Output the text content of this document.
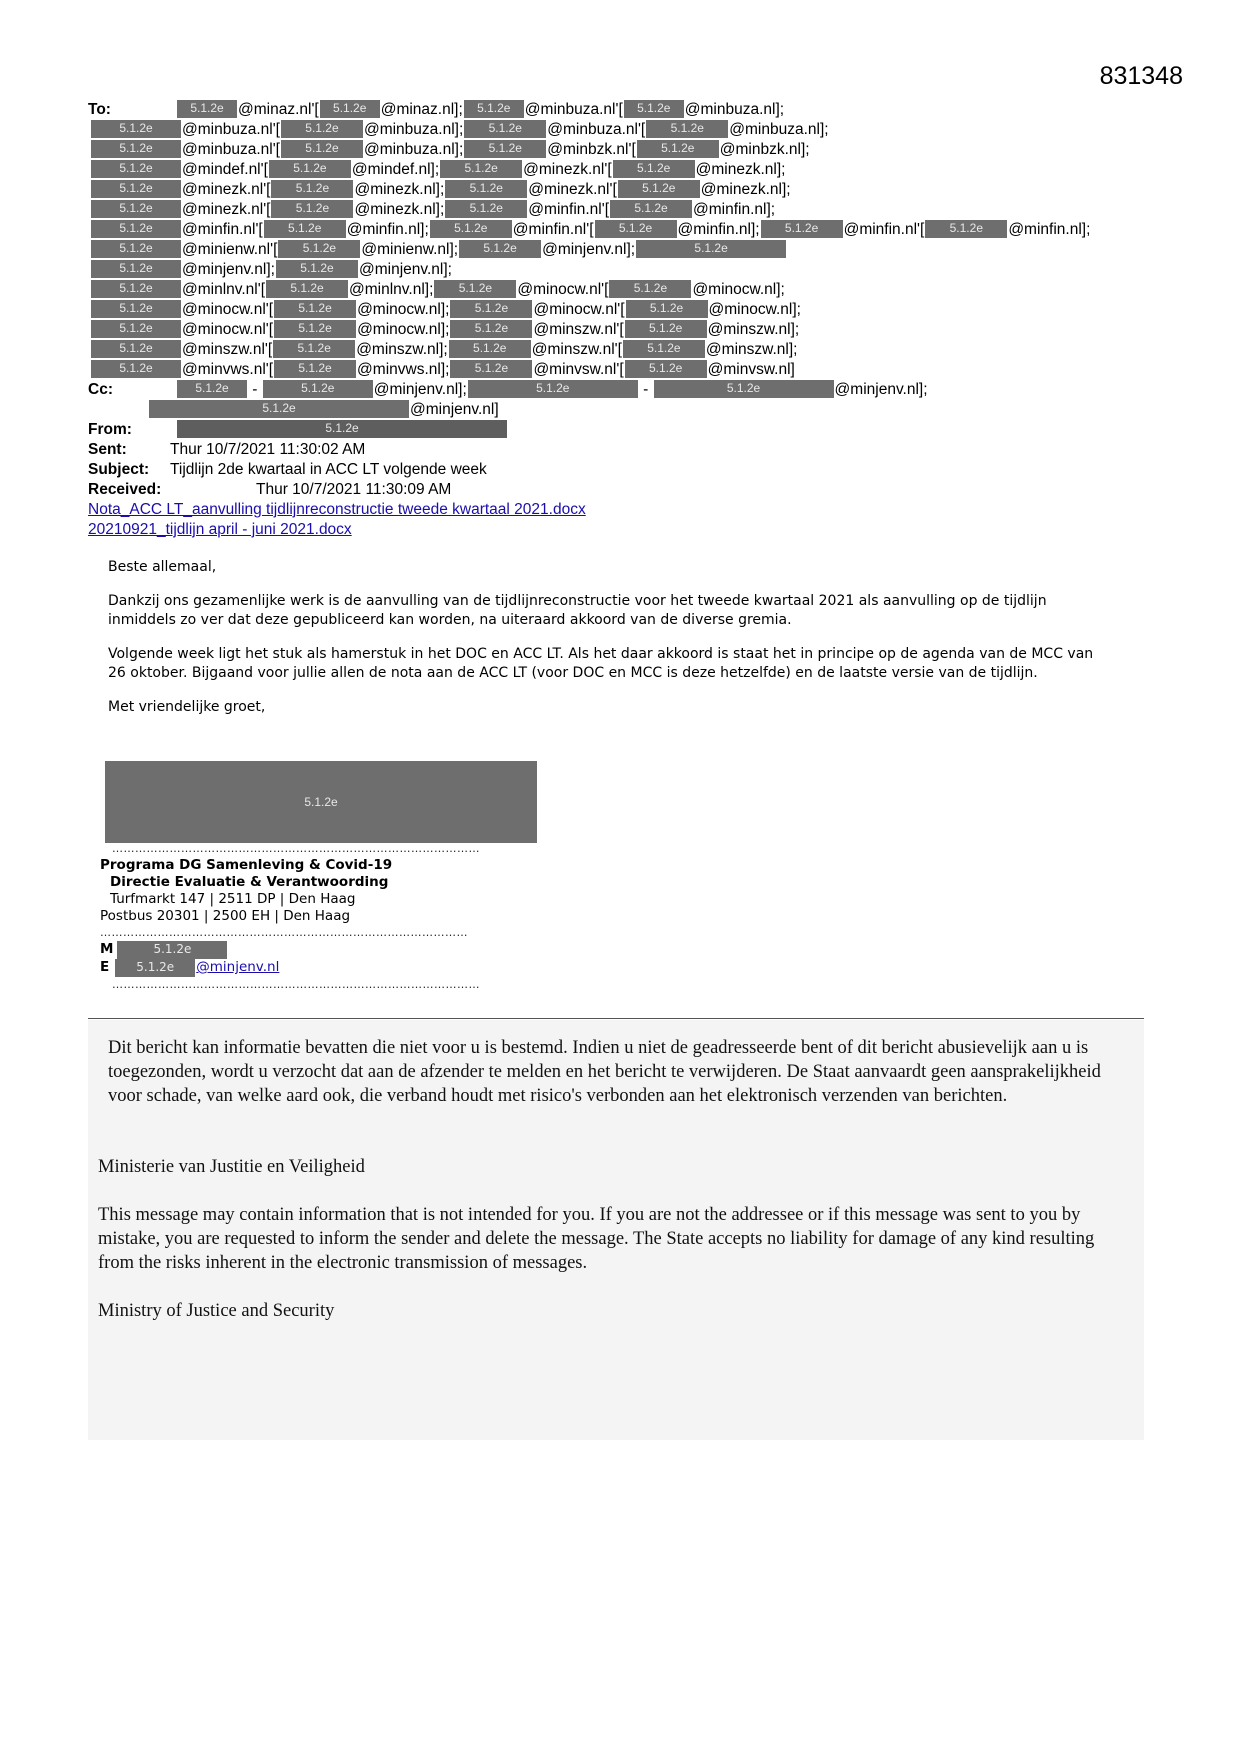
831348
To:	5.1.2e @minaz.nl'[ 5.1.2e @minaz.nl]; 5.1.2e @minbuza.nl'[ 5.1.2e @minbuza.nl];
5.1.2e @minbuza.nl'[ 5.1.2e @minbuza.nl]; 5.1.2e @minbuza.nl'[ 5.1.2e @minbuza.nl];
5.1.2e @minbuza.nl'[ 5.1.2e @minbuza.nl]; 5.1.2e @minbzk.nl'[ 5.1.2e @minbzk.nl];
5.1.2e @mindef.nl'[ 5.1.2e @mindef.nl]; 5.1.2e @minezk.nl'[ 5.1.2e @minezk.nl];
5.1.2e @minezk.nl'[ 5.1.2e @minezk.nl]; 5.1.2e @minezk.nl'[ 5.1.2e @minezk.nl];
5.1.2e @minezk.nl'[ 5.1.2e @minezk.nl]; 5.1.2e @minfin.nl'[ 5.1.2e @minfin.nl];
5.1.2e @minfin.nl'[ 5.1.2e @minfin.nl]; 5.1.2e @minfin.nl'[ 5.1.2e @minfin.nl]; 5.1.2e @minfin.nl'[ 5.1.2e @minfin.nl];
5.1.2e @minienw.nl'[ 5.1.2e @minienw.nl]; 5.1.2e @minjenv.nl];	5.1.2e
5.1.2e @minjenv.nl]; 5.1.2e @minjenv.nl];
5.1.2e @minlnv.nl'[ 5.1.2e @minlnv.nl]; 5.1.2e @minocw.nl'[ 5.1.2e @minocw.nl];
5.1.2e @minocw.nl'[ 5.1.2e @minocw.nl]; 5.1.2e @minocw.nl'[ 5.1.2e @minocw.nl];
5.1.2e @minocw.nl'[ 5.1.2e @minocw.nl]; 5.1.2e @minszw.nl'[ 5.1.2e @minszw.nl];
5.1.2e @minszw.nl'[ 5.1.2e @minszw.nl]; 5.1.2e @minszw.nl'[ 5.1.2e @minszw.nl];
5.1.2e @minvws.nl'[ 5.1.2e @minvws.nl]; 5.1.2e @minvsw.nl'[ 5.1.2e @minvsw.nl]
Cc:	5.1.2e -	5.1.2e	@minjenv.nl];	5.1.2e	-	5.1.2e	@minjenv.nl];
5.1.2e	@minjenv.nl]
From:	5.1.2e
Sent:	Thur 10/7/2021 11:30:02 AM
Subject: Tijdlijn 2de kwartaal in ACC LT volgende week
Received:	Thur 10/7/2021 11:30:09 AM
Nota_ACC LT_aanvulling tijdlijnreconstructie tweede kwartaal 2021.docx
20210921_tijdlijn april - juni 2021.docx

Beste allemaal,

Dankzij ons gezamenlijke werk is de aanvulling van de tijdlijnreconstructie voor het tweede kwartaal 2021 als aanvulling op de tijdlijn inmiddels zo ver dat deze gepubliceerd kan worden, na uiteraard akkoord van de diverse gremia.

Volgende week ligt het stuk als hamerstuk in het DOC en ACC LT. Als het daar akkoord is staat het in principe op de agenda van de MCC van 26 oktober. Bijgaand voor jullie allen de nota aan de ACC LT (voor DOC en MCC is deze hetzelfde) en de laatste versie van de tijdlijn.

Met vriendelijke groet,

5.1.2e
……………………………………………………………………………………
Programa DG Samenleving & Covid-19
Directie Evaluatie & Verantwoording
Turfmarkt 147 | 2511 DP | Den Haag
Postbus 20301 | 2500 EH | Den Haag
……………………………………………………………………………………
M	5.1.2e
E 5.1.2e @minjenv.nl
……………………………………………………………………………………
Dit bericht kan informatie bevatten die niet voor u is bestemd. Indien u niet de geadresseerde bent of dit bericht abusievelijk aan u is toegezonden, wordt u verzocht dat aan de afzender te melden en het bericht te verwijderen. De Staat aanvaardt geen aansprakelijkheid voor schade, van welke aard ook, die verband houdt met risico's verbonden aan het elektronisch verzenden van berichten.
Ministerie van Justitie en Veiligheid
This message may contain information that is not intended for you. If you are not the addressee or if this message was sent to you by mistake, you are requested to inform the sender and delete the message. The State accepts no liability for damage of any kind resulting from the risks inherent in the electronic transmission of messages.
Ministry of Justice and Security
